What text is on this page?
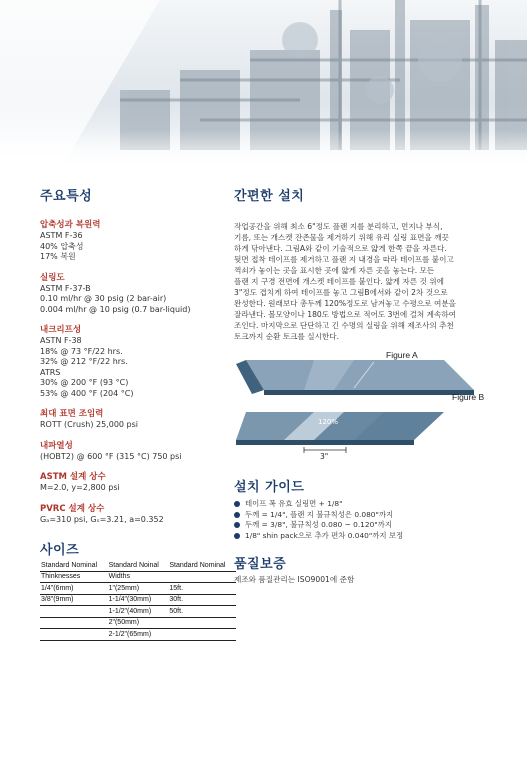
주요특성
압축성과 복원력
ASTM F-36
40% 압축성
17% 복원
실링도
ASTM F-37-B
0.10 ml/hr @ 30 psig (2 bar-air)
0.004 ml/hr @ 10 psig (0.7 bar-liquid)
내크리프성
ASTN F-38
18% @ 73 °F/22 hrs.
32% @ 212 °F/22 hrs.
ATRS
30% @ 200 °F (93 °C)
53% @ 400 °F (204 °C)
최대 표면 조임력
ROTT (Crush) 25,000 psi
내파열성
(HOBT2) @ 600 °F (315 °C) 750 psi
ASTM 설계 상수
M=2.0, y=2,800 psi
PVRC 설계 상수
Gₐ=310 psi, Gₛ=3.21, a=0.352
사이즈
Standard Nominal	Standard Noinal	Standard Nominal
Thinknesses	Widths	
1/4"(6mm)	1"(25mm)	15ft.
3/8"(9mm)	1-1/4"(30mm)	30ft.
	1-1/2"(40mm)	50ft.
	2"(50mm)	
	2-1/2"(65mm)	
간편한 설치
작업공간을 위해 최소 6"정도 플랜 지를 분리하고, 먼지나 부식,
기름, 또는 개스켓 잔존물을 제거하기 위해 유리 실링 표면을 깨끗
하게 닦아낸다. 그림A와 같이 기술적으로 얇게 한쪽 끝을 자른다.
뒷면 접착 테이프를 제거하고 플랜 지 내경을 따라 테이프를 붙이고
꺽쇠가 놓이는 곳을 표시한 곳에 얇게 자른 곳을 놓는다. 모든
플랜 지 구경 전면에 개스켓 테이프를 붙인다. 얇게 자른 것 위에
3"정도 겹치게 하여 테이프를 놓고 그림B에서와 같이 2차 것으로
완성한다. 원래보다 총두께 120%정도로 남겨놓고 수평으로 여분을
잘라낸다. 볼모양이나 180도 방법으로 적어도 3번에 걸쳐 계속하여
조인다. 마지막으로 단단하고 긴 수명의 실링을 위해 제조사의 추천
토크까지 순환 토크를 실시한다.
Figure A
Figure B
120%
3"
설치 가이드
테이프 폭 유효 실링면 + 1/8"
두께 = 1/4", 플랜 지 불규칙성은 0.080"까지
두께 = 3/8", 불규칙성 0.080 ~ 0.120"까지
1/8" shin pack으로 추가 편차 0.040"까지 보정
품질보증
제조와 품질관리는 ISO9001에 준함
